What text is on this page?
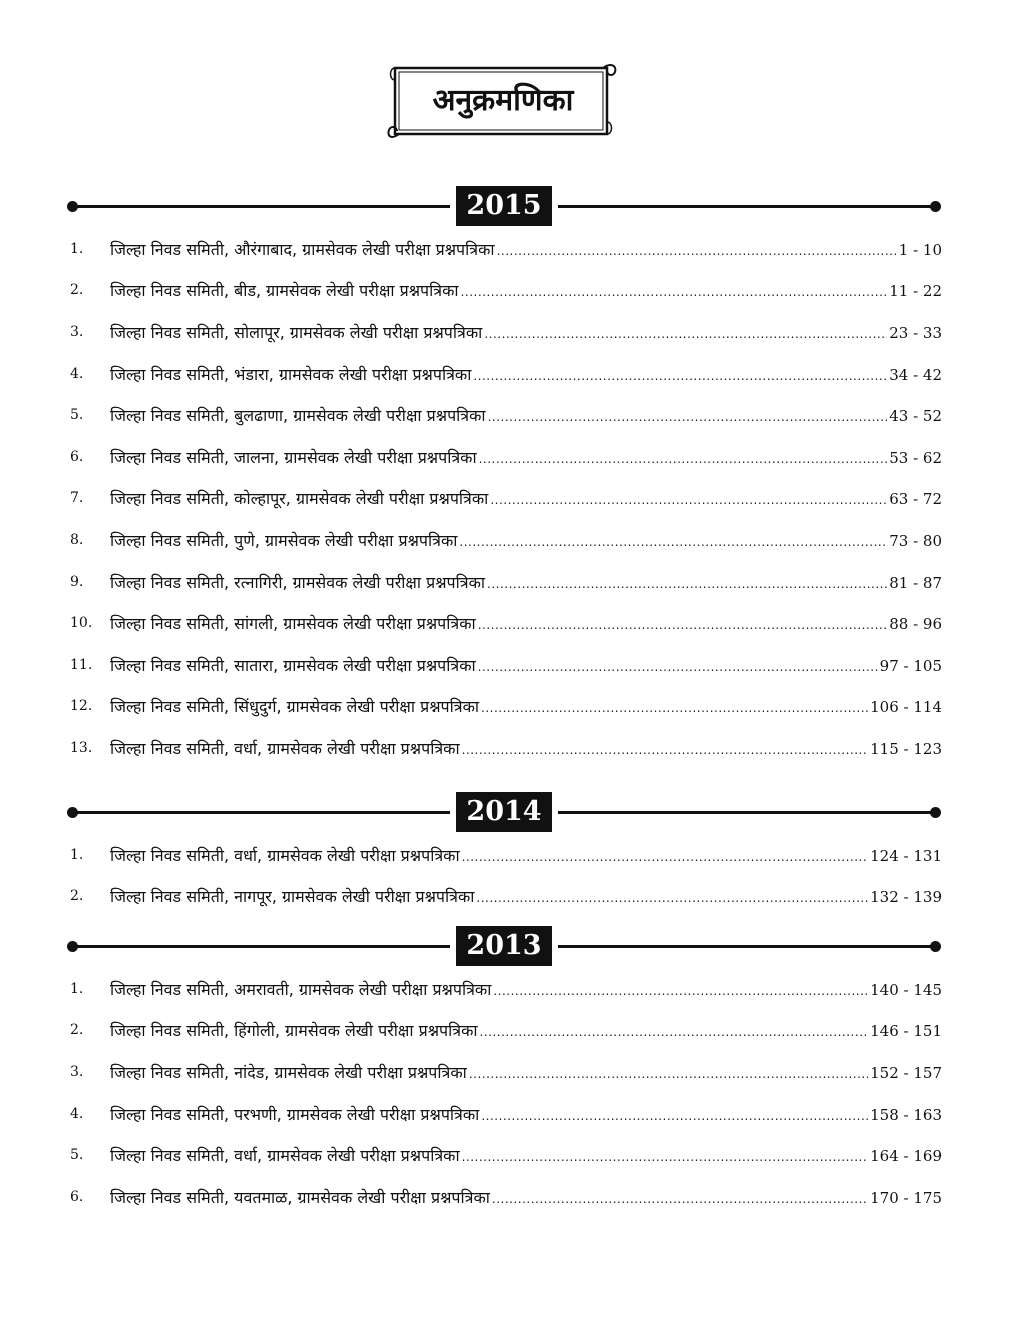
अनुक्रमणिका
2015
1.	जिल्हा निवड समिती, औरंगाबाद, ग्रामसेवक लेखी परीक्षा प्रश्नपत्रिका .....	1 - 10
2.	जिल्हा निवड समिती, बीड, ग्रामसेवक लेखी परीक्षा प्रश्नपत्रिका .....	11 - 22
3.	जिल्हा निवड समिती, सोलापूर, ग्रामसेवक लेखी परीक्षा प्रश्नपत्रिका .....	23 - 33
4.	जिल्हा निवड समिती, भंडारा, ग्रामसेवक लेखी परीक्षा प्रश्नपत्रिका .....	34 - 42
5.	जिल्हा निवड समिती, बुलढाणा, ग्रामसेवक लेखी परीक्षा प्रश्नपत्रिका .....	43 - 52
6.	जिल्हा निवड समिती, जालना, ग्रामसेवक लेखी परीक्षा प्रश्नपत्रिका .....	53 - 62
7.	जिल्हा निवड समिती, कोल्हापूर, ग्रामसेवक लेखी परीक्षा प्रश्नपत्रिका .....	63 - 72
8.	जिल्हा निवड समिती, पुणे, ग्रामसेवक लेखी परीक्षा प्रश्नपत्रिका .....	73 - 80
9.	जिल्हा निवड समिती, रत्नागिरी, ग्रामसेवक लेखी परीक्षा प्रश्नपत्रिका .....	81 - 87
10.	जिल्हा निवड समिती, सांगली, ग्रामसेवक लेखी परीक्षा प्रश्नपत्रिका .....	88 - 96
11.	जिल्हा निवड समिती, सातारा, ग्रामसेवक लेखी परीक्षा प्रश्नपत्रिका .....	97 - 105
12.	जिल्हा निवड समिती, सिंधुदुर्ग, ग्रामसेवक लेखी परीक्षा प्रश्नपत्रिका .....	106 - 114
13.	जिल्हा निवड समिती, वर्धा, ग्रामसेवक लेखी परीक्षा प्रश्नपत्रिका .....	115 - 123
2014
1.	जिल्हा निवड समिती, वर्धा, ग्रामसेवक लेखी परीक्षा प्रश्नपत्रिका .....	124 - 131
2.	जिल्हा निवड समिती, नागपूर, ग्रामसेवक लेखी परीक्षा प्रश्नपत्रिका .....	132 - 139
2013
1.	जिल्हा निवड समिती, अमरावती, ग्रामसेवक लेखी परीक्षा प्रश्नपत्रिका .....	140 - 145
2.	जिल्हा निवड समिती, हिंगोली, ग्रामसेवक लेखी परीक्षा प्रश्नपत्रिका .....	146 - 151
3.	जिल्हा निवड समिती, नांदेड, ग्रामसेवक लेखी परीक्षा प्रश्नपत्रिका .....	152 - 157
4.	जिल्हा निवड समिती, परभणी, ग्रामसेवक लेखी परीक्षा प्रश्नपत्रिका .....	158 - 163
5.	जिल्हा निवड समिती, वर्धा, ग्रामसेवक लेखी परीक्षा प्रश्नपत्रिका .....	164 - 169
6.	जिल्हा निवड समिती, यवतमाळ, ग्रामसेवक लेखी परीक्षा प्रश्नपत्रिका .....	170 - 175
